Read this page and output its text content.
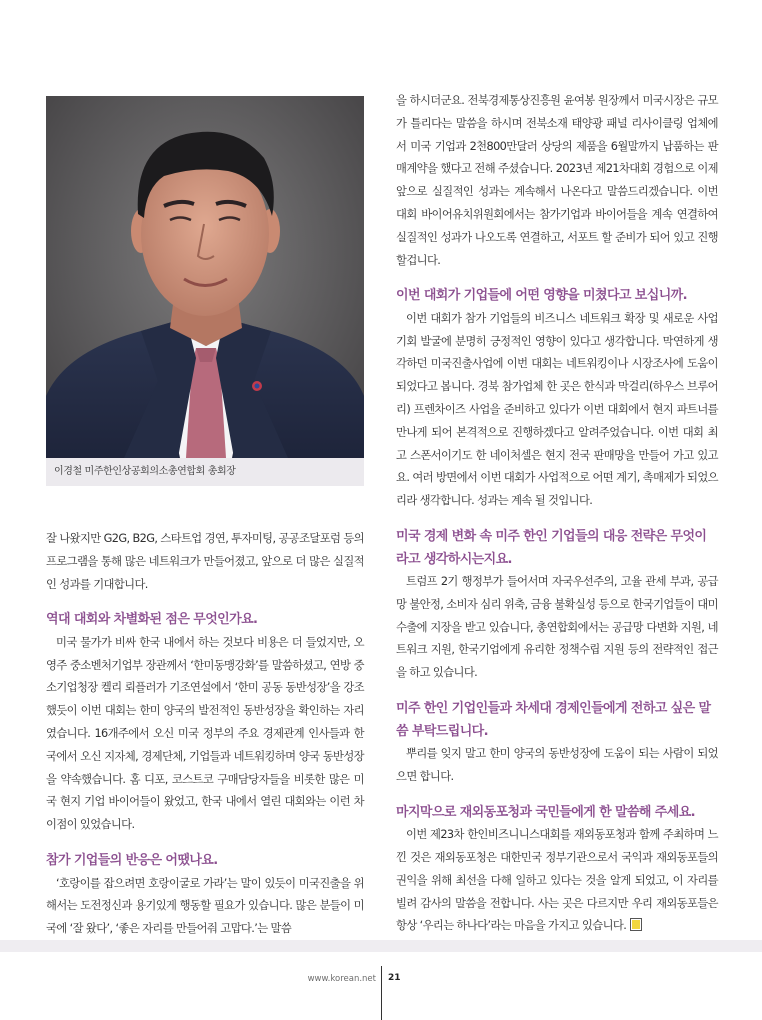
이경철 미주한인상공회의소총연합회 총회장

잘 나왔지만 G2G, B2G, 스타트업 경연, 투자미팅, 공공조달포럼 등의 프로그램을 통해 많은 네트워크가 만들어졌고, 앞으로 더 많은 실질적인 성과를 기대합니다.

역대 대회와 차별화된 점은 무엇인가요.

미국 물가가 비싸 한국 내에서 하는 것보다 비용은 더 들었지만, 오영주 중소벤처기업부 장관께서 ‘한미동맹강화’를 말씀하셨고, 연방 중소기업청장 켈리 뢰플러가 기조연설에서 ‘한미 공동 동반성장’을 강조했듯이 이번 대회는 한미 양국의 발전적인 동반성장을 확인하는 자리였습니다. 16개주에서 오신 미국 정부의 주요 경제관계 인사들과 한국에서 오신 지자체, 경제단체, 기업들과 네트워킹하며 양국 동반성장을 약속했습니다. 홈 디포, 코스트코 구매담당자들을 비롯한 많은 미국 현지 기업 바이어들이 왔었고, 한국 내에서 열린 대회와는 이런 차이점이 있었습니다.

참가 기업들의 반응은 어땠나요.

‘호랑이를 잡으려면 호랑이굴로 가라’는 말이 있듯이 미국진출을 위해서는 도전정신과 용기있게 행동할 필요가 있습니다. 많은 분들이 미국에 ‘잘 왔다’, ‘좋은 자리를 만들어줘 고맙다.’는 말씀

을 하시더군요. 전북경제통상진흥원 윤여봉 원장께서 미국시장은 규모가 틀리다는 말씀을 하시며 전북소재 태양광 패널 리사이클링 업체에서 미국 기업과 2천800만달러 상당의 제품을 6월말까지 납품하는 판매계약을 했다고 전해 주셨습니다. 2023년 제21차대회 경험으로 이제 앞으로 실질적인 성과는 계속해서 나온다고 말씀드리겠습니다. 이번 대회 바이어유치위원회에서는 참가기업과 바이어들을 계속 연결하여 실질적인 성과가 나오도록 연결하고, 서포트 할 준비가 되어 있고 진행할겁니다.

이번 대회가 기업들에 어떤 영향을 미쳤다고 보십니까.

이번 대회가 참가 기업들의 비즈니스 네트워크 확장 및 새로운 사업 기회 발굴에 분명히 긍정적인 영향이 있다고 생각합니다. 막연하게 생각하던 미국진출사업에 이번 대회는 네트워킹이나 시장조사에 도움이 되었다고 봅니다. 경북 참가업체 한 곳은 한식과 막걸리(하우스 브루어리) 프렌차이즈 사업을 준비하고 있다가 이번 대회에서 현지 파트너를 만나게 되어 본격적으로 진행하겠다고 알려주었습니다. 이번 대회 최고 스폰서이기도 한 네이처셀은 현지 전국 판매망을 만들어 가고 있고요. 여러 방면에서 이번 대회가 사업적으로 어떤 계기, 촉매제가 되었으리라 생각합니다. 성과는 계속 될 것입니다.

미국 경제 변화 속 미주 한인 기업들의 대응 전략은 무엇이라고 생각하시는지요.

트럼프 2기 행정부가 들어서며 자국우선주의, 고율 관세 부과, 공급망 불안정, 소비자 심리 위축, 금융 불확실성 등으로 한국기업들이 대미 수출에 지장을 받고 있습니다, 총연합회에서는 공급망 다변화 지원, 네트워크 지원, 한국기업에게 유리한 정책수립 지원 등의 전략적인 접근을 하고 있습니다.

미주 한인 기업인들과 차세대 경제인들에게 전하고 싶은 말씀 부탁드립니다.

뿌리를 잊지 말고 한미 양국의 동반성장에 도움이 되는 사람이 되었으면 합니다.

마지막으로 재외동포청과 국민들에게 한 말씀해 주세요.

이번 제23차 한인비즈니니스대회를 재외동포청과 함께 주최하며 느낀 것은 재외동포청은 대한민국 정부기관으로서 국익과 재외동포들의 권익을 위해 최선을 다해 일하고 있다는 것을 알게 되었고, 이 자리를 빌려 감사의 말씀을 전합니다. 사는 곳은 다르지만 우리 재외동포들은 항상 ‘우리는 하나다’라는 마음을 가지고 있습니다.

www.korean.net 21
